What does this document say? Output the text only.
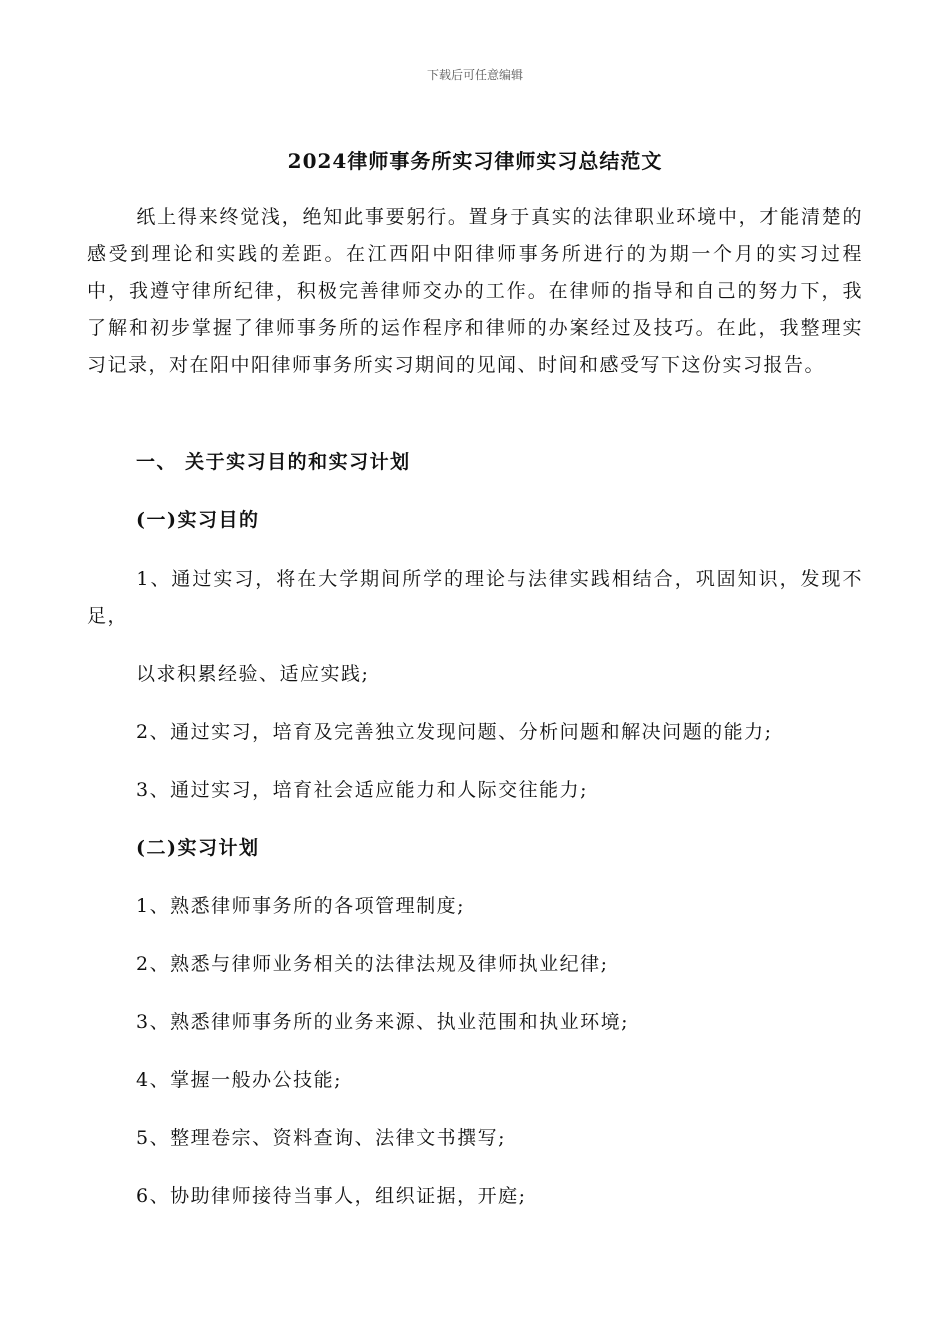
下载后可任意编辑
2024律师事务所实习律师实习总结范文
纸上得来终觉浅，绝知此事要躬行。置身于真实的法律职业环境中，才能清楚的感受到理论和实践的差距。在江西阳中阳律师事务所进行的为期一个月的实习过程中，我遵守律所纪律，积极完善律师交办的工作。在律师的指导和自己的努力下，我了解和初步掌握了律师事务所的运作程序和律师的办案经过及技巧。在此，我整理实习记录，对在阳中阳律师事务所实习期间的见闻、时间和感受写下这份实习报告。
一、 关于实习目的和实习计划
(一)实习目的
1、通过实习，将在大学期间所学的理论与法律实践相结合，巩固知识，发现不足，
以求积累经验、适应实践;
2、通过实习，培育及完善独立发现问题、分析问题和解决问题的能力;
3、通过实习，培育社会适应能力和人际交往能力;
(二)实习计划
1、熟悉律师事务所的各项管理制度;
2、熟悉与律师业务相关的法律法规及律师执业纪律;
3、熟悉律师事务所的业务来源、执业范围和执业环境;
4、掌握一般办公技能;
5、整理卷宗、资料查询、法律文书撰写;
6、协助律师接待当事人，组织证据，开庭;
